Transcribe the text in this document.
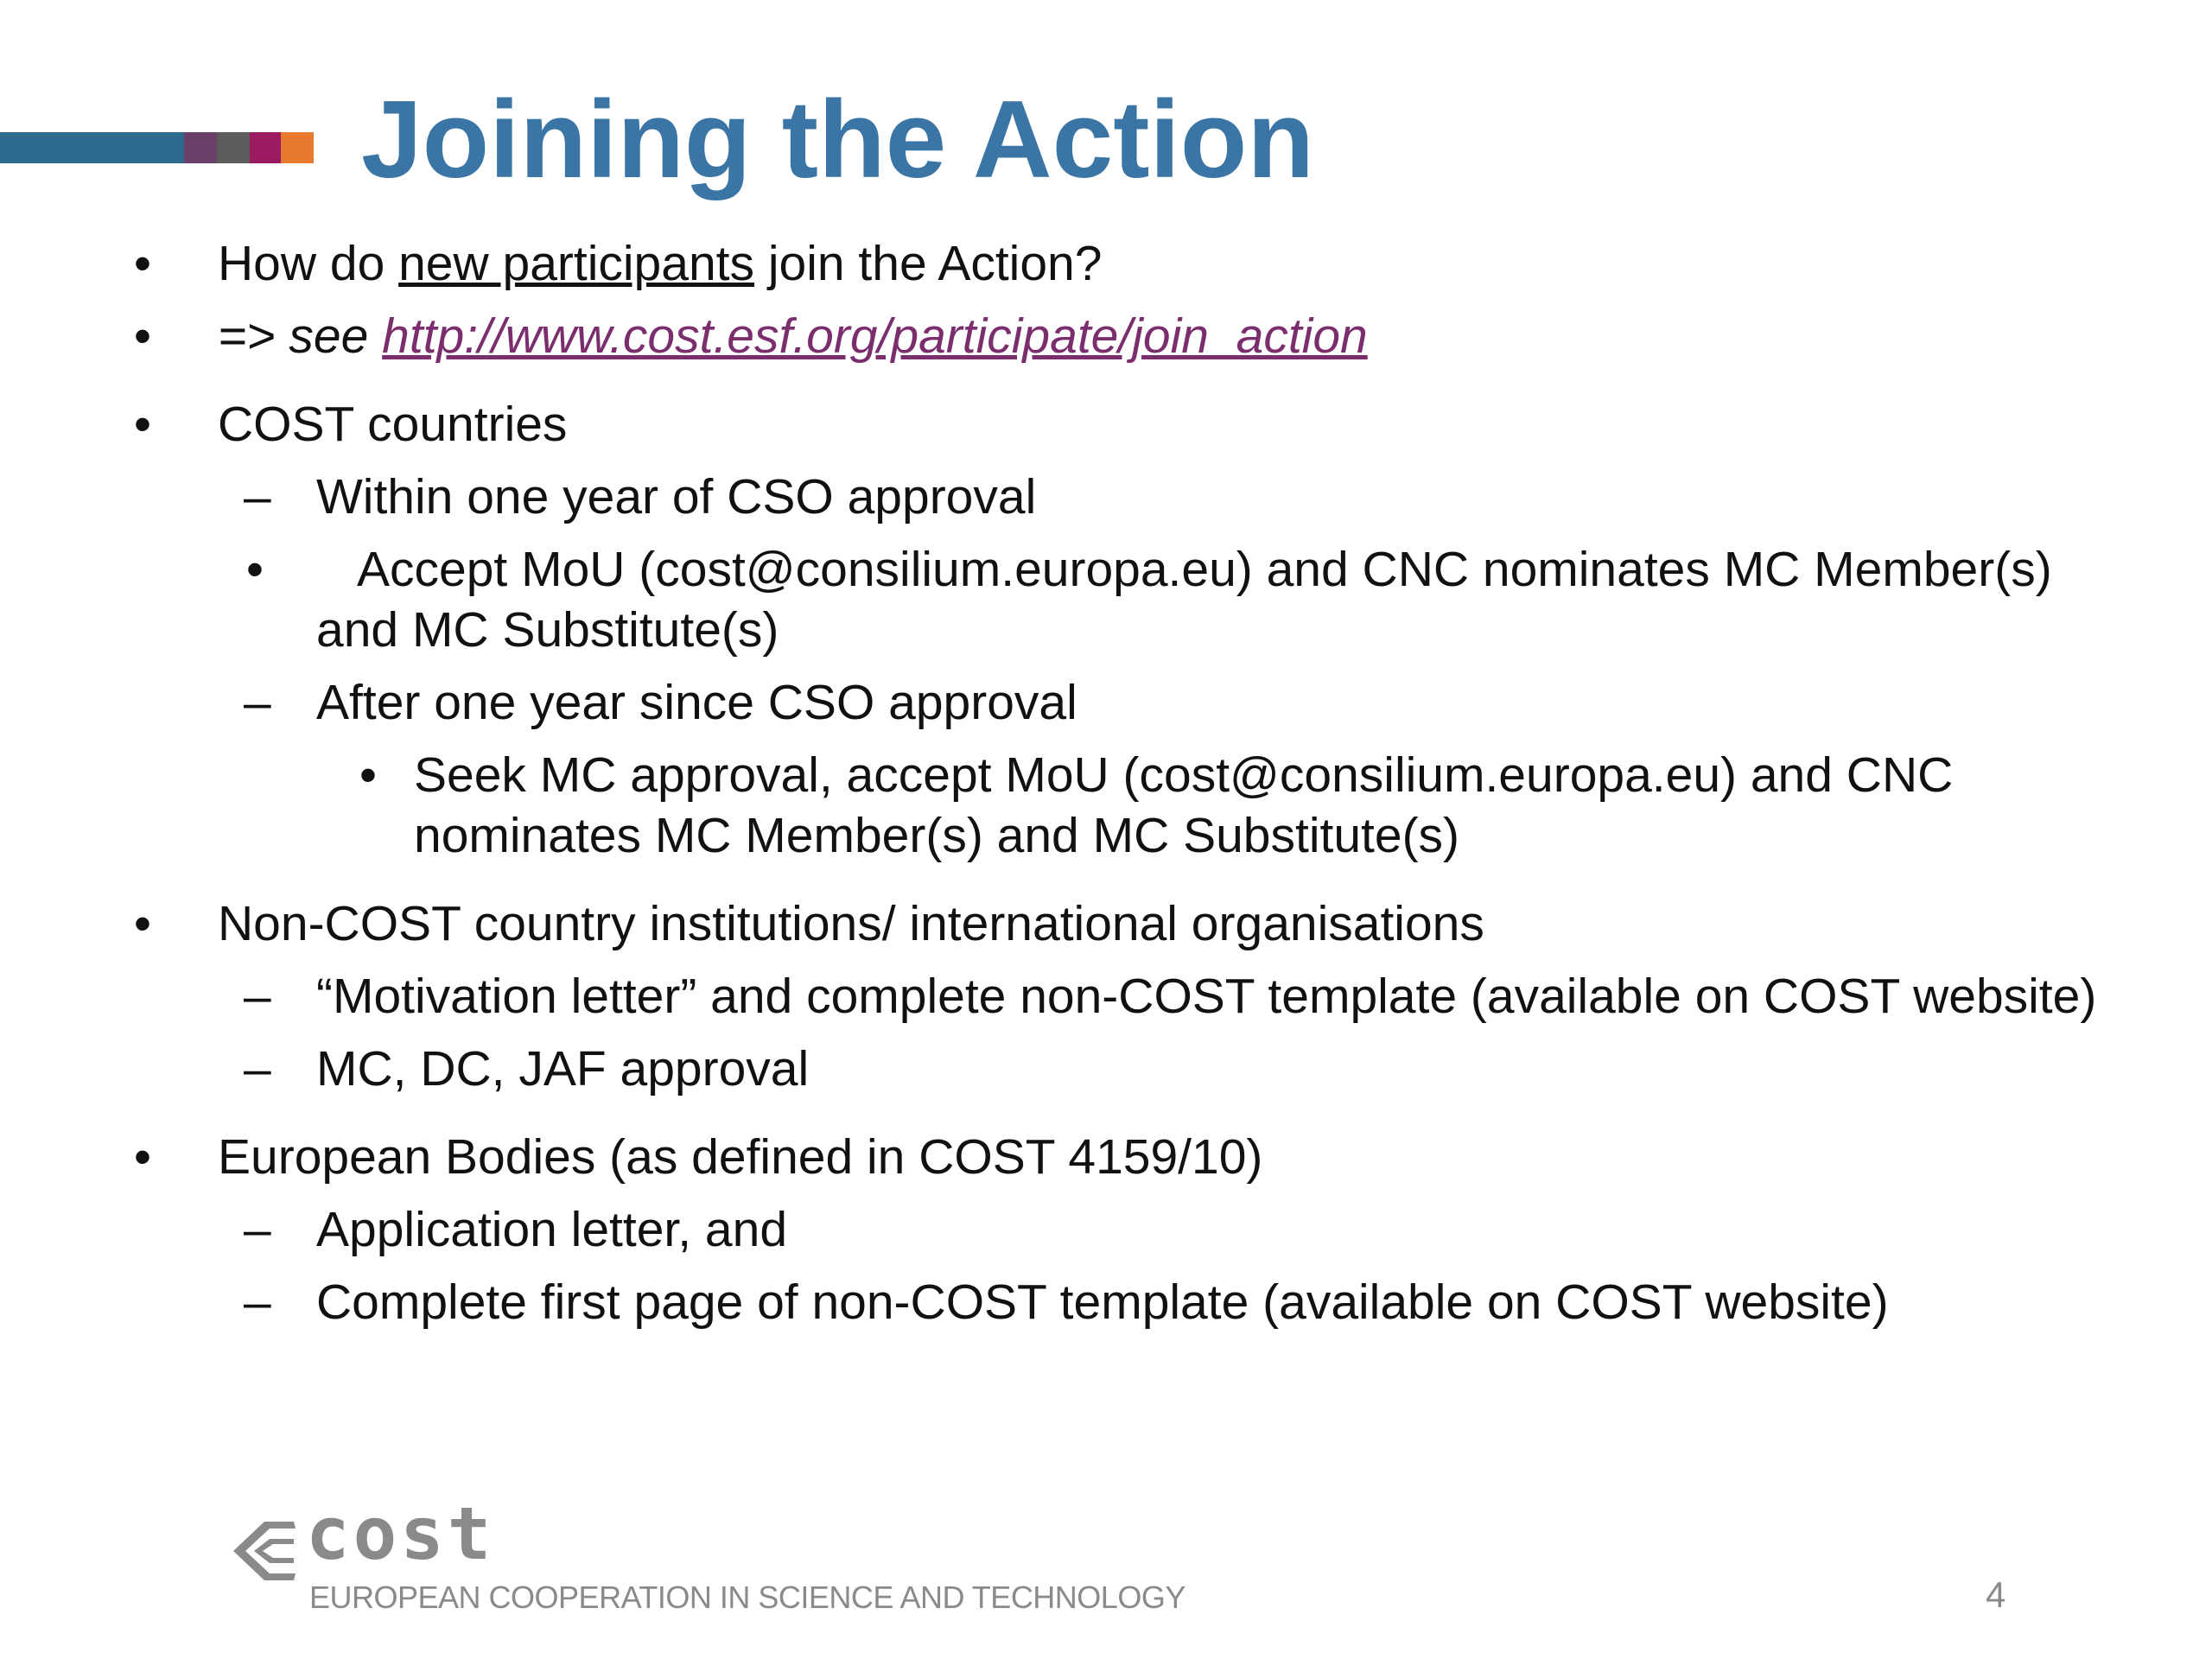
Joining the Action
• How do new participants join the Action?
• => see http://www.cost.esf.org/participate/join_action
• COST countries
– Within one year of CSO approval
• Accept MoU (cost@consilium.europa.eu) and CNC nominates MC Member(s)
and MC Substitute(s)
– After one year since CSO approval
• Seek MC approval, accept MoU (cost@consilium.europa.eu) and CNC
nominates MC Member(s) and MC Substitute(s)
• Non-COST country institutions/ international organisations
– “Motivation letter” and complete non-COST template (available on COST website)
– MC, DC, JAF approval
• European Bodies (as defined in COST 4159/10)
– Application letter, and
– Complete first page of non-COST template (available on COST website)
cost
EUROPEAN COOPERATION IN SCIENCE AND TECHNOLOGY	4
